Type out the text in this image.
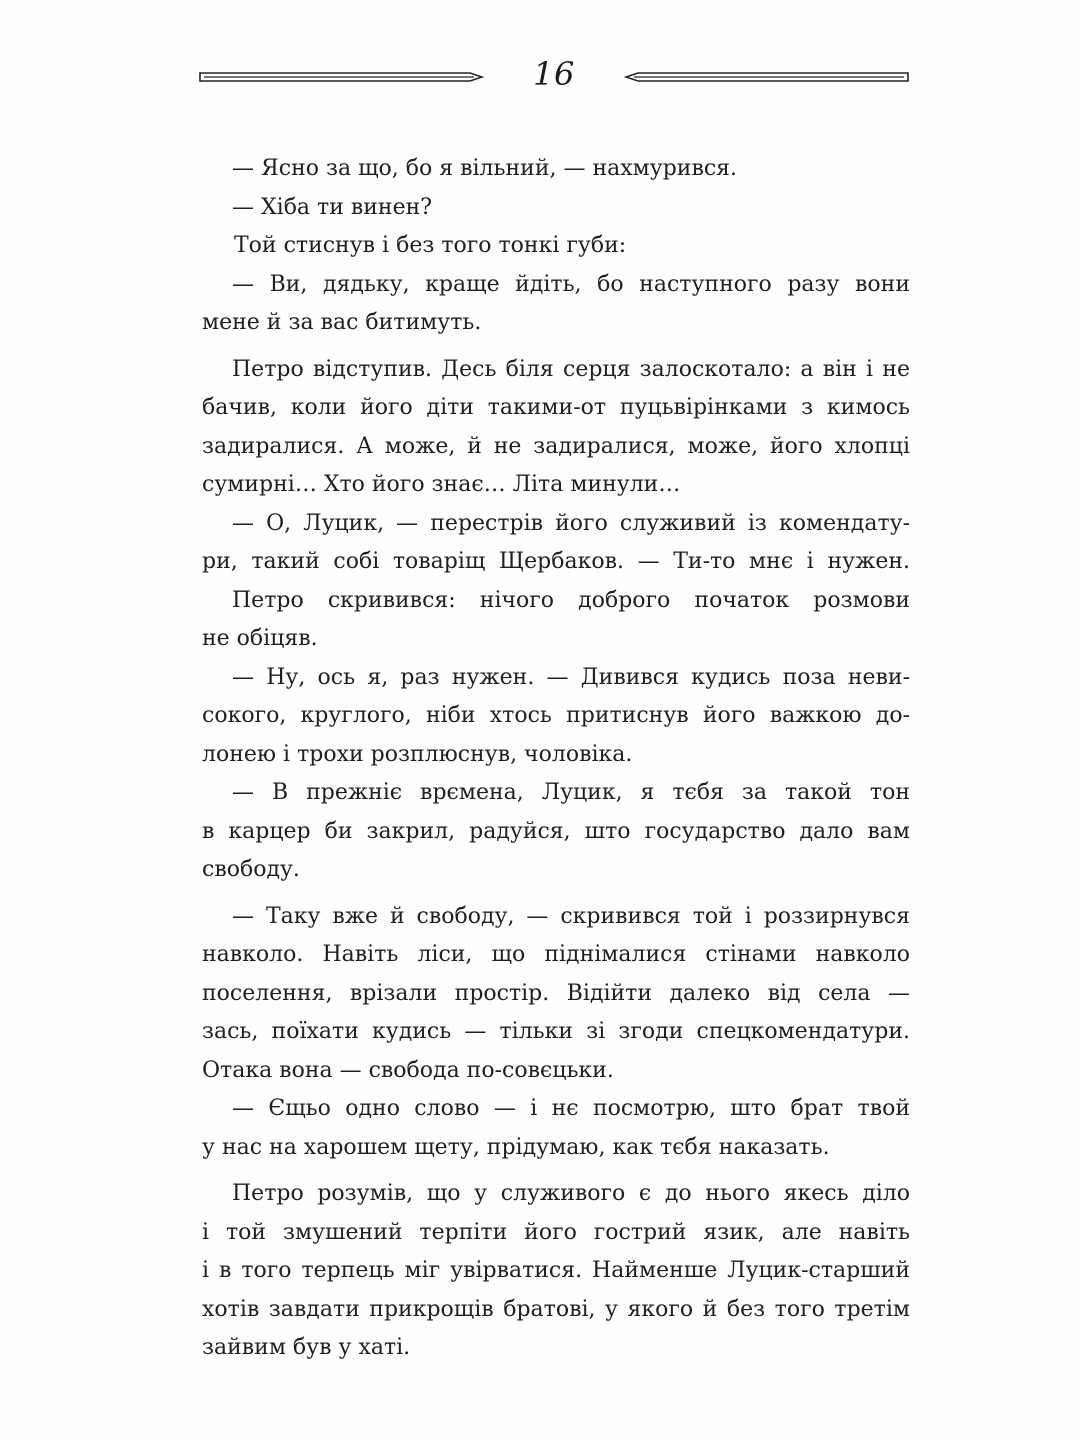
16
— Ясно за що, бо я вільний, — нахмурився.
— Хіба ти винен?
Той стиснув і без того тонкі губи:
— Ви, дядьку, краще йдіть, бо наступного разу вони
мене й за вас битимуть.
Петро відступив. Десь біля серця залоскотало: а він і не
бачив, коли його діти такими-от пуцьвірінками з кимось
задиралися. А може, й не задиралися, може, його хлопці
сумирні… Хто його знає… Літа минули…
— О, Луцик, — перестрів його служивий із комендату-
ри, такий собі товаріщ Щербаков. — Ти-то мнє і нужен.
Петро скривився: нічого доброго початок розмови
не обіцяв.
— Ну, ось я, раз нужен. — Дивився кудись поза неви-
сокого, круглого, ніби хтось притиснув його важкою до-
лонею і трохи розплюснув, чоловіка.
— В прежніє врємена, Луцик, я тєбя за такой тон
в карцер би закрил, радуйся, што государство дало вам
свободу.
— Таку вже й свободу, — скривився той і роззирнувся
навколо. Навіть ліси, що піднімалися стінами навколо
поселення, врізали простір. Відійти далеко від села —
зась, поїхати кудись — тільки зі згоди спецкомендатури.
Отака вона — свобода по-совєцьки.
— Єщьо одно слово — і нє посмотрю, што брат твой
у нас на харошем щету, прідумаю, как тєбя наказать.
Петро розумів, що у служивого є до нього якесь діло
і той змушений терпіти його гострий язик, але навіть
і в того терпець міг увірватися. Найменше Луцик-старший
хотів завдати прикрощів братові, у якого й без того третім
зайвим був у хаті.
